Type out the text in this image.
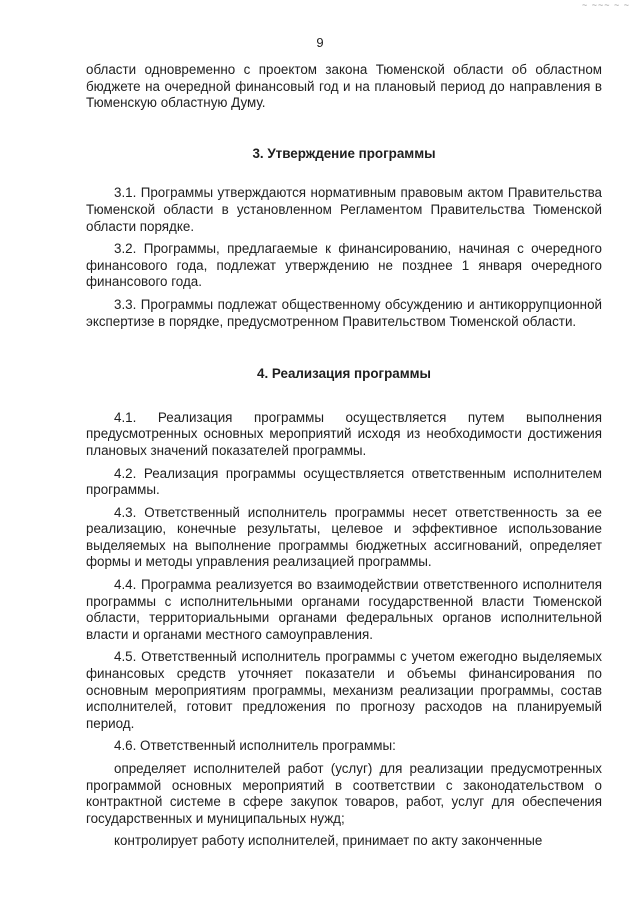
~ ~~~ ~ ~
9

области одновременно с проектом закона Тюменской области об областном бюджете на очередной финансовый год и на плановый период до направления в Тюменскую областную Думу.

3. Утверждение программы

3.1. Программы утверждаются нормативным правовым актом Правительства Тюменской области в установленном Регламентом Правительства Тюменской области порядке.

3.2. Программы, предлагаемые к финансированию, начиная с очередного финансового года, подлежат утверждению не позднее 1 января очередного финансового года.

3.3. Программы подлежат общественному обсуждению и антикоррупционной экспертизе в порядке, предусмотренном Правительством Тюменской области.

4. Реализация программы

4.1. Реализация программы осуществляется путем выполнения предусмотренных основных мероприятий исходя из необходимости достижения плановых значений показателей программы.

4.2. Реализация программы осуществляется ответственным исполнителем программы.

4.3. Ответственный исполнитель программы несет ответственность за ее реализацию, конечные результаты, целевое и эффективное использование выделяемых на выполнение программы бюджетных ассигнований, определяет формы и методы управления реализацией программы.

4.4. Программа реализуется во взаимодействии ответственного исполнителя программы с исполнительными органами государственной власти Тюменской области, территориальными органами федеральных органов исполнительной власти и органами местного самоуправления.

4.5. Ответственный исполнитель программы с учетом ежегодно выделяемых финансовых средств уточняет показатели и объемы финансирования по основным мероприятиям программы, механизм реализации программы, состав исполнителей, готовит предложения по прогнозу расходов на планируемый период.

4.6. Ответственный исполнитель программы:

определяет исполнителей работ (услуг) для реализации предусмотренных программой основных мероприятий в соответствии с законодательством о контрактной системе в сфере закупок товаров, работ, услуг для обеспечения государственных и муниципальных нужд;

контролирует работу исполнителей, принимает по акту законченные
